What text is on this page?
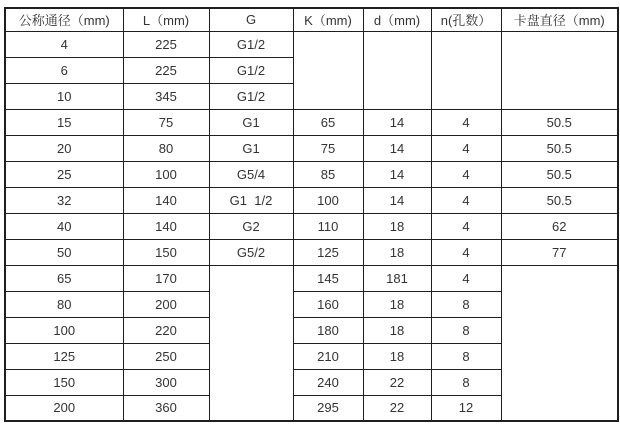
公称通径（mm)	L（mm)	G	K（mm)	d（mm)	n(孔数）	卡盘直径（mm)
4	225	G1/2				
6	225	G1/2				
10	345	G1/2				
15	75	G1	65	14	4	50.5
20	80	G1	75	14	4	50.5
25	100	G5/4	85	14	4	50.5
32	140	G1  1/2	100	14	4	50.5
40	140	G2	110	18	4	62
50	150	G5/2	125	18	4	77
65	170		145	181	4	
80	200		160	18	8	
100	220		180	18	8	
125	250		210	18	8	
150	300		240	22	8	
200	360		295	22	12	
